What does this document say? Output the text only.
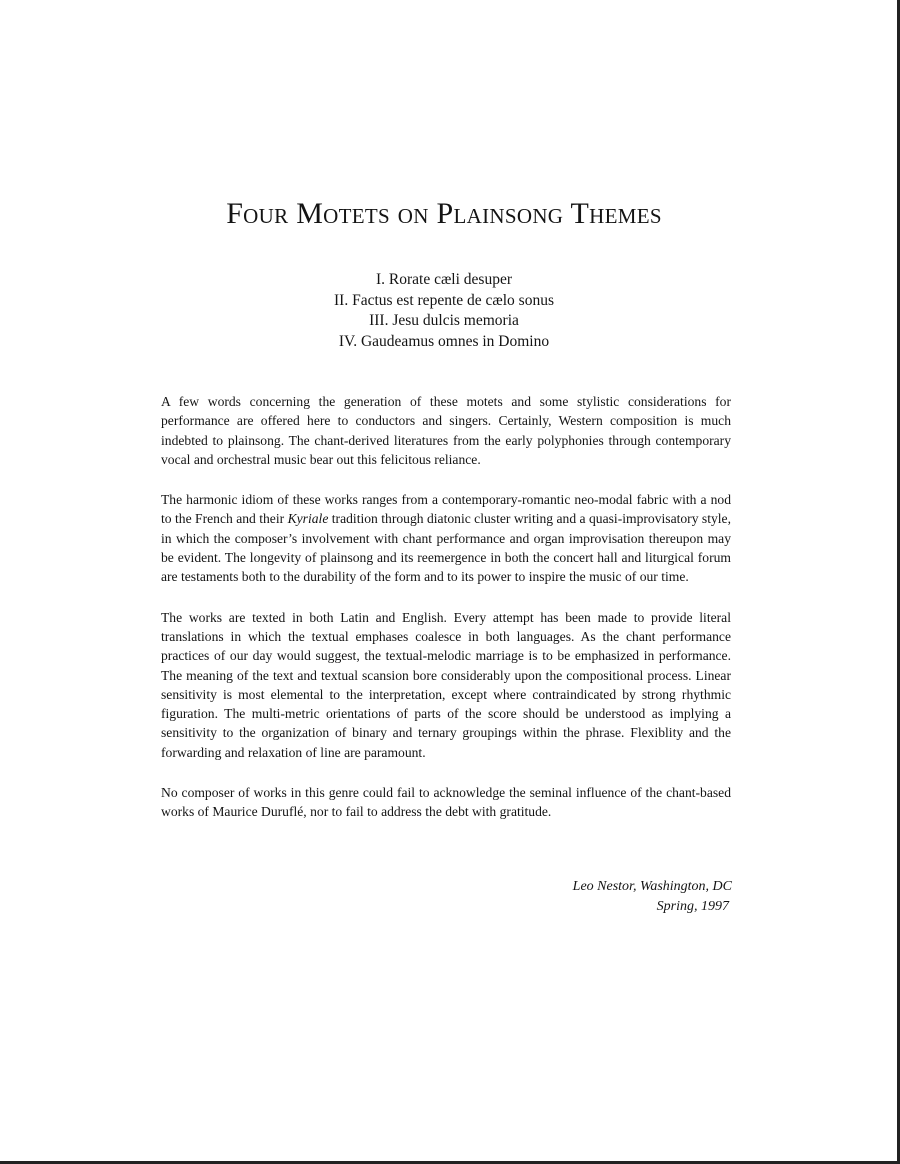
Four Motets on Plainsong Themes
I. Rorate cæli desuper
II. Factus est repente de cælo sonus
III. Jesu dulcis memoria
IV. Gaudeamus omnes in Domino

A few words concerning the generation of these motets and some stylistic considerations for performance are offered here to conductors and singers. Certainly, Western composition is much indebted to plainsong. The chant-derived literatures from the early polyphonies through contemporary vocal and orchestral music bear out this felicitous reliance.

The harmonic idiom of these works ranges from a contemporary-romantic neo-modal fabric with a nod to the French and their Kyriale tradition through diatonic cluster writing and a quasi-improvisatory style, in which the composer’s involvement with chant performance and organ improvisation thereupon may be evident. The longevity of plainsong and its reemergence in both the concert hall and liturgical forum are testaments both to the durability of the form and to its power to inspire the music of our time.

The works are texted in both Latin and English. Every attempt has been made to provide literal translations in which the textual emphases coalesce in both languages. As the chant performance practices of our day would suggest, the textual-melodic marriage is to be emphasized in performance. The meaning of the text and textual scansion bore considerably upon the compositional process. Linear sensitivity is most elemental to the interpretation, except where contraindicated by strong rhythmic figuration. The multi-metric orientations of parts of the score should be understood as implying a sensitivity to the organization of binary and ternary groupings within the phrase. Flexiblity and the forwarding and relaxation of line are paramount.

No composer of works in this genre could fail to acknowledge the seminal influence of the chant-based works of Maurice Duruflé, nor to fail to address the debt with gratitude.

Leo Nestor, Washington, DC
Spring, 1997
